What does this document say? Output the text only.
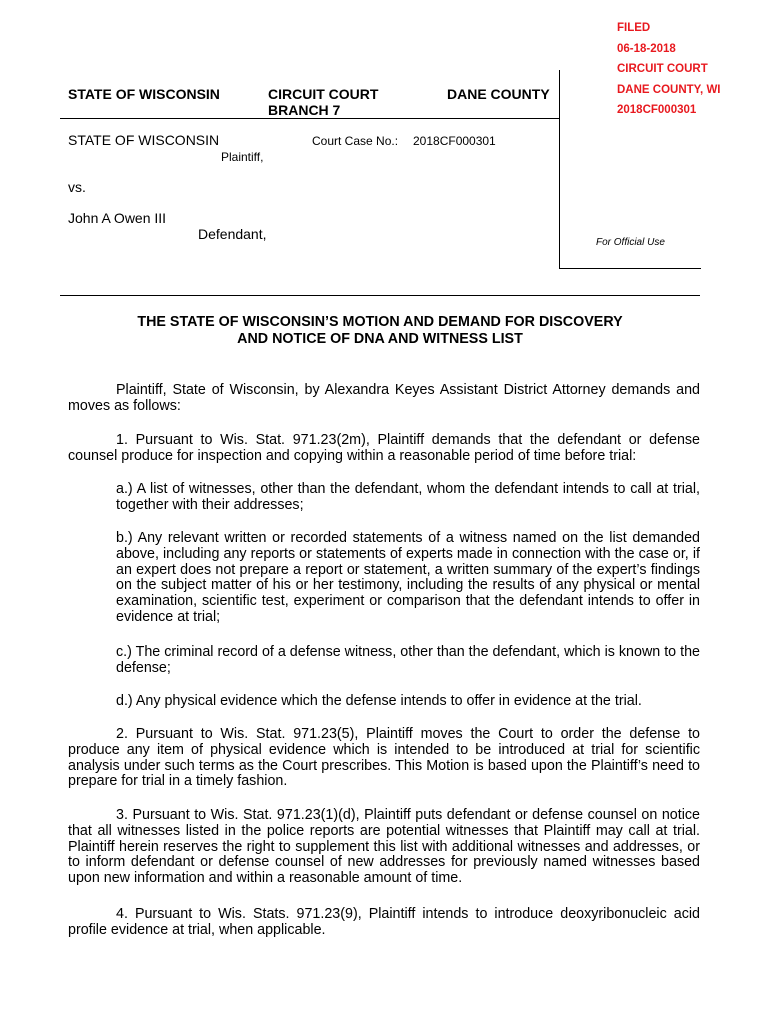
FILED
06-18-2018
CIRCUIT COURT
DANE COUNTY, WI
2018CF000301
STATE OF WISCONSIN	CIRCUIT COURT
BRANCH 7
DANE COUNTY
STATE OF WISCONSIN
Plaintiff,
Court Case No.: 2018CF000301
vs.
John A Owen III
Defendant,
For Official Use
THE STATE OF WISCONSIN’S MOTION AND DEMAND FOR DISCOVERY
AND NOTICE OF DNA AND WITNESS LIST

Plaintiff, State of Wisconsin, by Alexandra Keyes Assistant District Attorney demands and moves as follows:

1. Pursuant to Wis. Stat. 971.23(2m), Plaintiff demands that the defendant or defense counsel produce for inspection and copying within a reasonable period of time before trial:

a.) A list of witnesses, other than the defendant, whom the defendant intends to call at trial, together with their addresses;

b.) Any relevant written or recorded statements of a witness named on the list demanded above, including any reports or statements of experts made in connection with the case or, if an expert does not prepare a report or statement, a written summary of the expert’s findings on the subject matter of his or her testimony, including the results of any physical or mental examination, scientific test, experiment or comparison that the defendant intends to offer in evidence at trial;

c.) The criminal record of a defense witness, other than the defendant, which is known to the defense;

d.) Any physical evidence which the defense intends to offer in evidence at the trial.

2. Pursuant to Wis. Stat. 971.23(5), Plaintiff moves the Court to order the defense to produce any item of physical evidence which is intended to be introduced at trial for scientific analysis under such terms as the Court prescribes. This Motion is based upon the Plaintiff’s need to prepare for trial in a timely fashion.

3. Pursuant to Wis. Stat. 971.23(1)(d), Plaintiff puts defendant or defense counsel on notice that all witnesses listed in the police reports are potential witnesses that Plaintiff may call at trial. Plaintiff herein reserves the right to supplement this list with additional witnesses and addresses, or to inform defendant or defense counsel of new addresses for previously named witnesses based upon new information and within a reasonable amount of time.

4. Pursuant to Wis. Stats. 971.23(9), Plaintiff intends to introduce deoxyribonucleic acid profile evidence at trial, when applicable.
